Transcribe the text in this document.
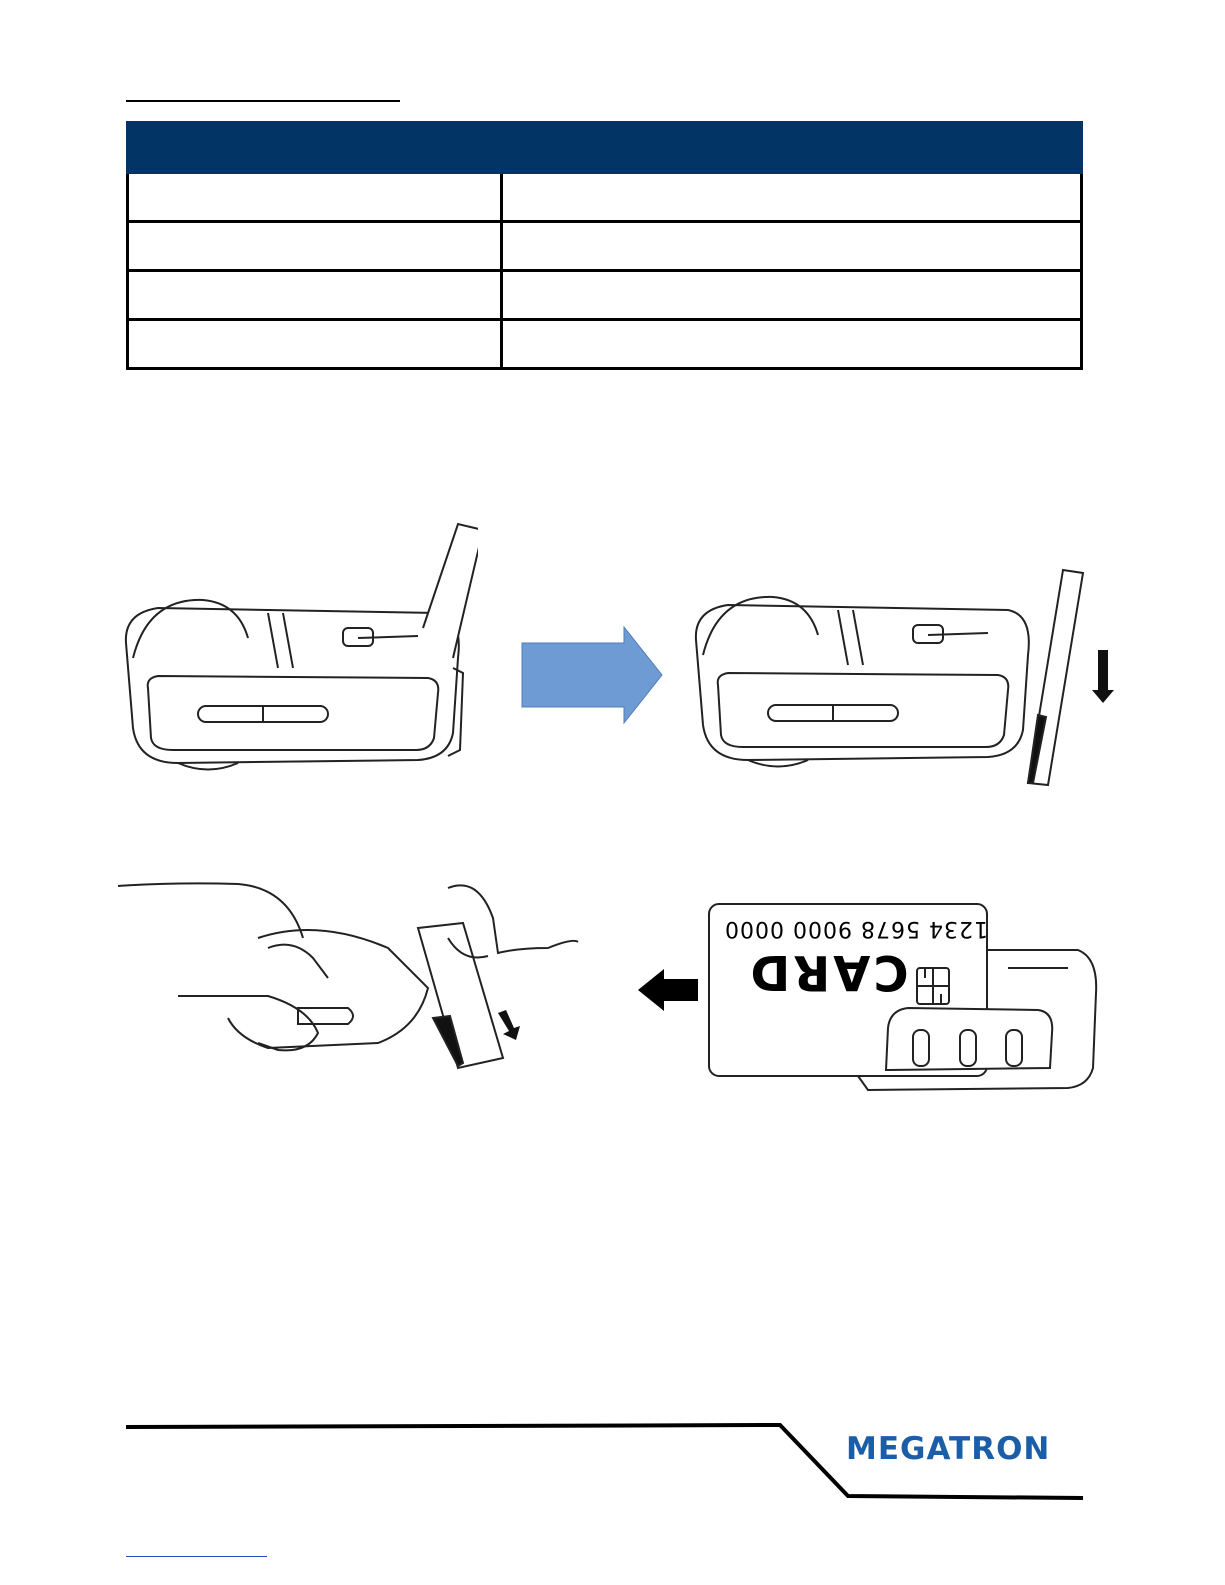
1234 5678 9000 0000
CARD
MEGATRON
